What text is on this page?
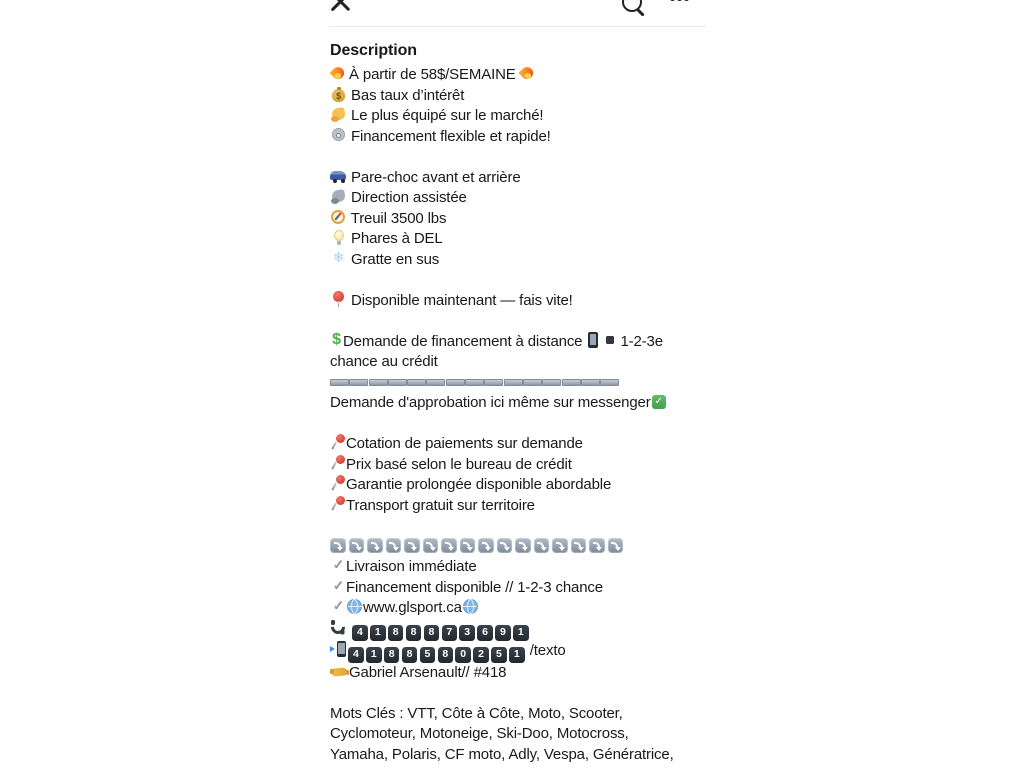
Description
À partir de 58$/SEMAINE
$ Bas taux d’intérêt
Le plus équipé sur le marché!
Financement flexible et rapide!

Pare-choc avant et arrière
Direction assistée
Treuil 3500 lbs
Phares à DEL
❄
Gratte en sus

Disponible maintenant — fais vite!

$
Demande de financement à distance

1-2-3e
chance au crédit
Demande d'approbation ici même sur messenger
✓

Cotation de paiements sur demande
Prix basé selon le bureau de crédit
Garantie prolongée disponible abordable
Transport gratuit sur territoire

✓
Livraison immédiate
✓
Financement disponible // 1-2-3 chance
✓
www.glsport.ca
4 1 8 8 8 7 3 6 9 1
4 1 8 8 5 8 0 2 5 1 /texto
Gabriel Arsenault// #418

Mots Clés : VTT, Côte à Côte, Moto, Scooter,
Cyclomoteur, Motoneige, Ski-Doo, Motocross,
Yamaha, Polaris, CF moto, Adly, Vespa, Génératrice,
